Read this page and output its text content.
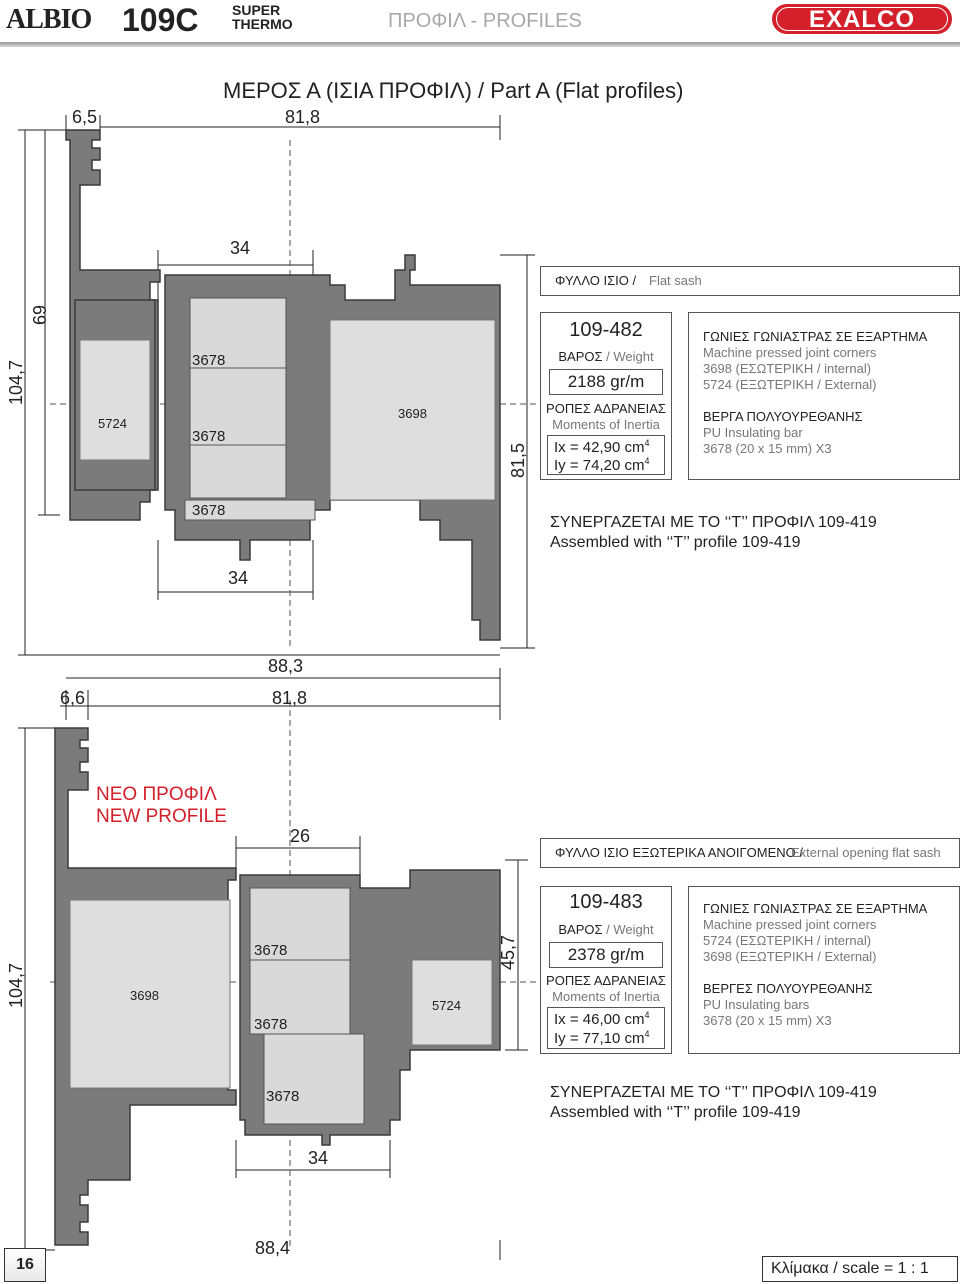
ALBIO 109C SUPER
THERMO	ΠΡΟΦΙΛ - PROFILES	EXALCO
ΜΕΡΟΣ Α (ΙΣΙΑ ΠΡΟΦΙΛ) / Part A (Flat profiles)
6,5	81,8
104,7
69
34
34
81,5
5724
3678
3678
3678
3698
ΦΥΛΛΟ ΙΣΙΟ / Flat sash
109-482
ΒΑΡΟΣ / Weight
2188 gr/m
ΡΟΠΕΣ ΑΔΡΑΝΕΙΑΣ
Moments of Inertia
Ix = 42,90 $cm^4$
Iy = 74,20 $cm^4$
ΓΩΝΙΕΣ ΓΩΝΙΑΣΤΡΑΣ ΣΕ ΕΞΑΡΤΗΜΑ
Machine pressed joint corners
3698 (ΕΣΩΤΕΡΙΚΗ / internal)
5724 (ΕΞΩΤΕΡΙΚΗ / External)
ΒΕΡΓΑ ΠΟΛΥΟΥΡΕΘΑΝΗΣ
PU Insulating bar
3678 (20 x 15 mm) X3
ΣΥΝΕΡΓΑΖΕΤΑΙ ΜΕ ΤΟ ‘‘Τ’’ ΠΡΟΦΙΛ 109-419
Assembled with ‘‘T’’ profile 109-419
88,3
6,6	81,8
ΝΕΟ ΠΡΟΦΙΛ
NEW PROFILE
26
104,7
45,7
34
88,4
3698
3678
3678
3678
5724
ΦΥΛΛΟ ΙΣΙΟ ΕΞΩΤΕΡΙΚΑ ΑΝΟΙΓΟΜΕΝΟ /
External opening flat sash
109-483
ΒΑΡΟΣ / Weight
2378 gr/m
ΡΟΠΕΣ ΑΔΡΑΝΕΙΑΣ
Moments of Inertia
Ix = 46,00 $cm^4$
Iy = 77,10 $cm^4$
ΓΩΝΙΕΣ ΓΩΝΙΑΣΤΡΑΣ ΣΕ ΕΞΑΡΤΗΜΑ
Machine pressed joint corners
5724 (ΕΣΩΤΕΡΙΚΗ / internal)
3698 (ΕΞΩΤΕΡΙΚΗ / External)
ΒΕΡΓΕΣ ΠΟΛΥΟΥΡΕΘΑΝΗΣ
PU Insulating bars
3678 (20 x 15 mm) X3
ΣΥΝΕΡΓΑΖΕΤΑΙ ΜΕ ΤΟ ‘‘Τ’’ ΠΡΟΦΙΛ 109-419
Assembled with ‘‘T’’ profile 109-419
16	Κλίμακα / scale = 1 : 1
